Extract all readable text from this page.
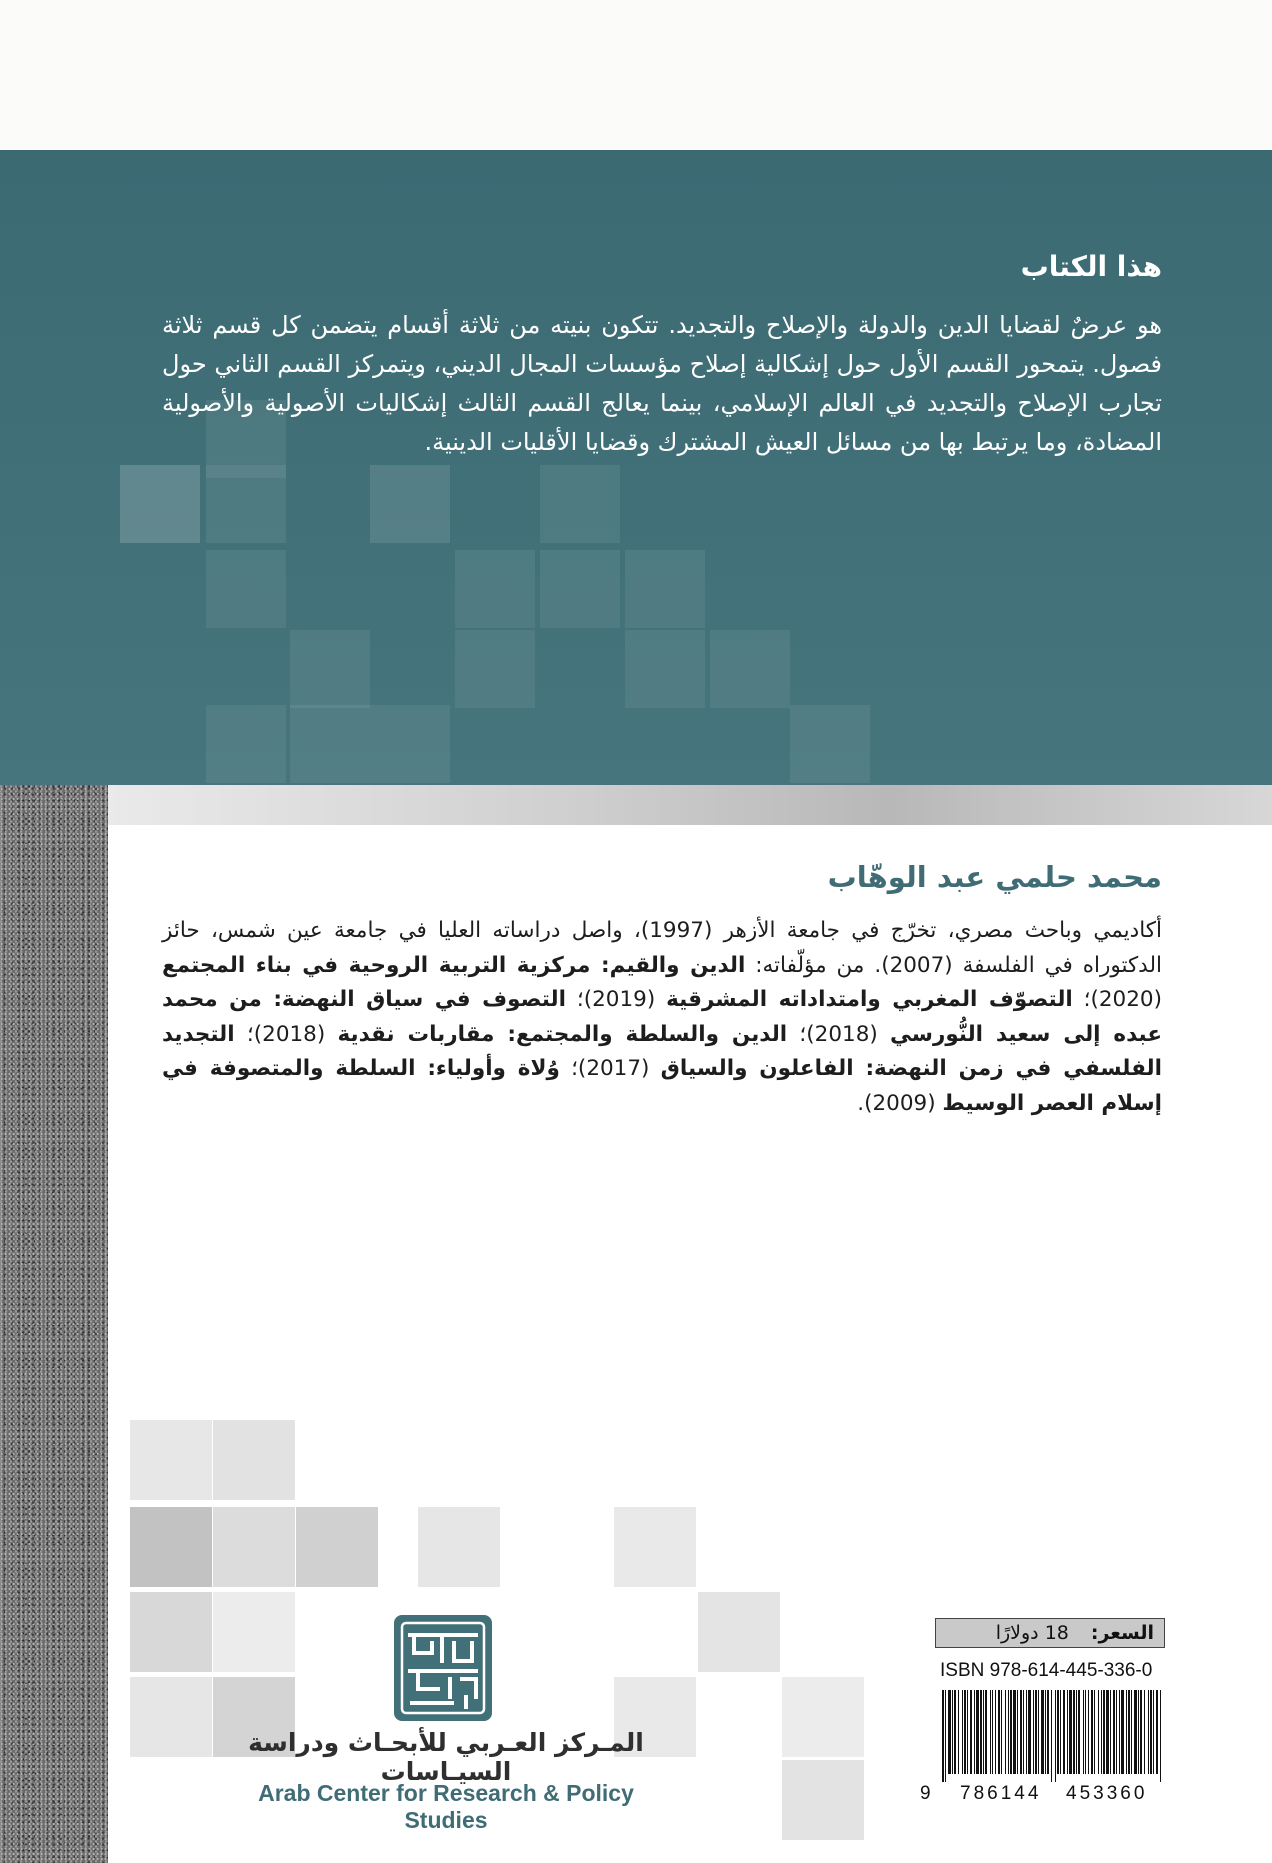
هذا الكتاب
هو عرضٌ لقضايا الدين والدولة والإصلاح والتجديد. تتكون بنيته من ثلاثة أقسام يتضمن كل قسم ثلاثة فصول. يتمحور القسم الأول حول إشكالية إصلاح مؤسسات المجال الديني، ويتمركز القسم الثاني حول تجارب الإصلاح والتجديد في العالم الإسلامي، بينما يعالج القسم الثالث إشكاليات الأصولية والأصولية المضادة، وما يرتبط بها من مسائل العيش المشترك وقضايا الأقليات الدينية.
محمد حلمي عبد الوهّاب
أكاديمي وباحث مصري، تخرّج في جامعة الأزهر (1997)، واصل دراساته العليا في جامعة عين شمس، حائز الدكتوراه في الفلسفة (2007). من مؤلّفاته: الدين والقيم: مركزية التربية الروحية في بناء المجتمع (2020)؛ التصوّف المغربي وامتداداته المشرقية (2019)؛ التصوف في سياق النهضة: من محمد عبده إلى سعيد النُّورسي (2018)؛ الدين والسلطة والمجتمع: مقاربات نقدية (2018)؛ التجديد الفلسفي في زمن النهضة: الفاعلون والسياق (2017)؛ وُلاة وأولياء: السلطة والمتصوفة في إسلام العصر الوسيط (2009).
المـركز العـربي للأبحـاث ودراسة السيـاسات
Arab Center for Research & Policy Studies
السعر:
18 دولارًا
ISBN 978-614-445-336-0
9 786144 453360
